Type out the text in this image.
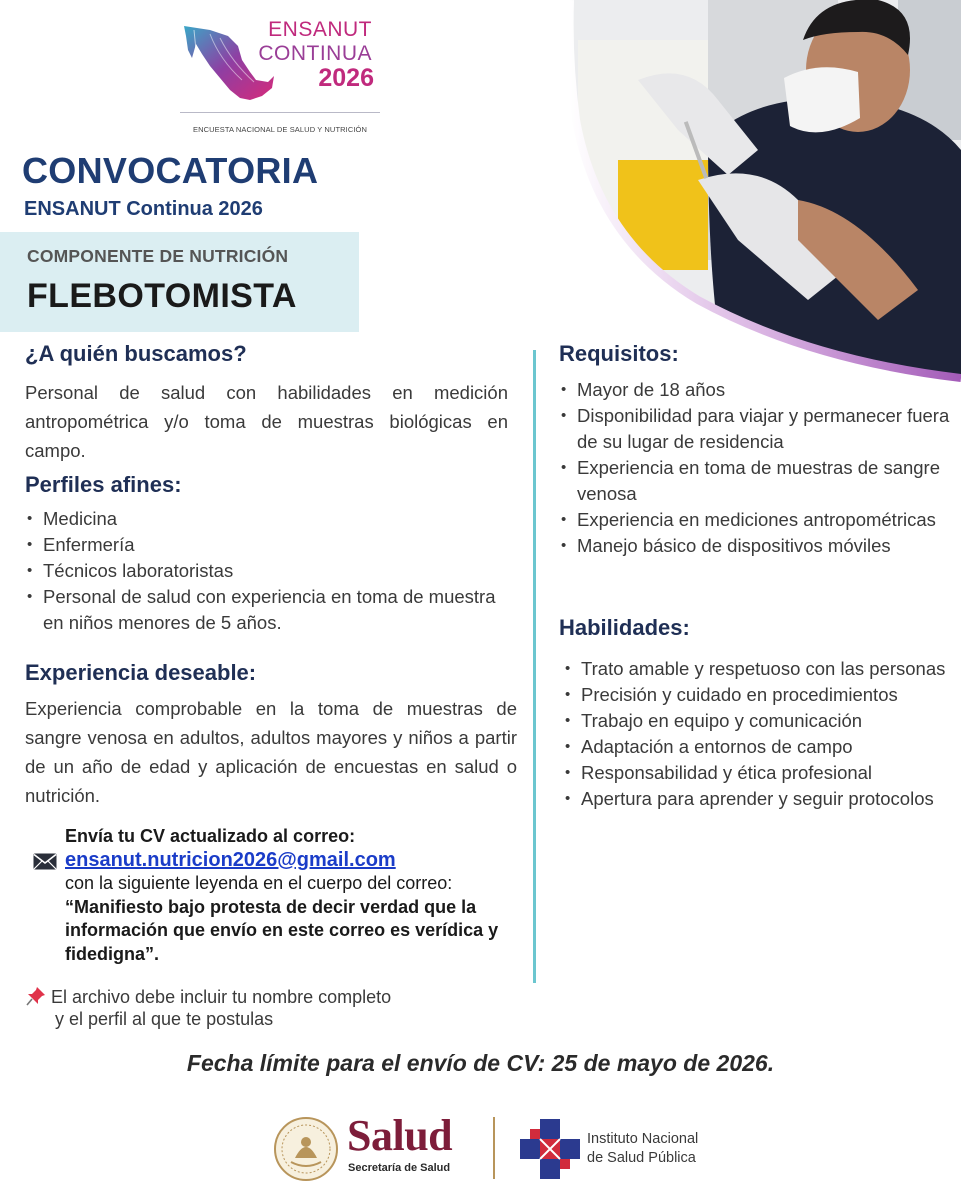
ENSANUT
CONTINUA
2026
ENCUESTA NACIONAL DE SALUD Y NUTRICIÓN
CONVOCATORIA
ENSANUT Continua 2026
COMPONENTE DE NUTRICIÓN
FLEBOTOMISTA
¿A quién buscamos?
Personal de salud con habilidades en medición antropométrica y/o toma de muestras biológicas en campo.
Perfiles afines:
• Medicina
• Enfermería
• Técnicos laboratoristas
• Personal de salud con experiencia en toma de muestra en niños menores de 5 años.
Experiencia deseable:
Experiencia comprobable en la toma de muestras de sangre venosa en adultos, adultos mayores y niños a partir de un año de edad y aplicación de encuestas en salud o nutrición.
Requisitos:
• Mayor de 18 años
• Disponibilidad para viajar y permanecer fuera de su lugar de residencia
• Experiencia en toma de muestras de sangre venosa
• Experiencia en mediciones antropométricas
• Manejo básico de dispositivos móviles
Habilidades:
• Trato amable y respetuoso con las personas
• Precisión y cuidado en procedimientos
• Trabajo en equipo y comunicación
• Adaptación a entornos de campo
• Responsabilidad y ética profesional
• Apertura para aprender y seguir protocolos
Envía tu CV actualizado al correo:
ensanut.nutricion2026@gmail.com
con la siguiente leyenda en el cuerpo del correo:
“Manifiesto bajo protesta de decir verdad que la información que envío en este correo es verídica y fidedigna”.
El archivo debe incluir tu nombre completo
y el perfil al que te postulas
Fecha límite para el envío de CV: 25 de mayo de 2026.
Salud
Secretaría de Salud
Instituto Nacional
de Salud Pública
